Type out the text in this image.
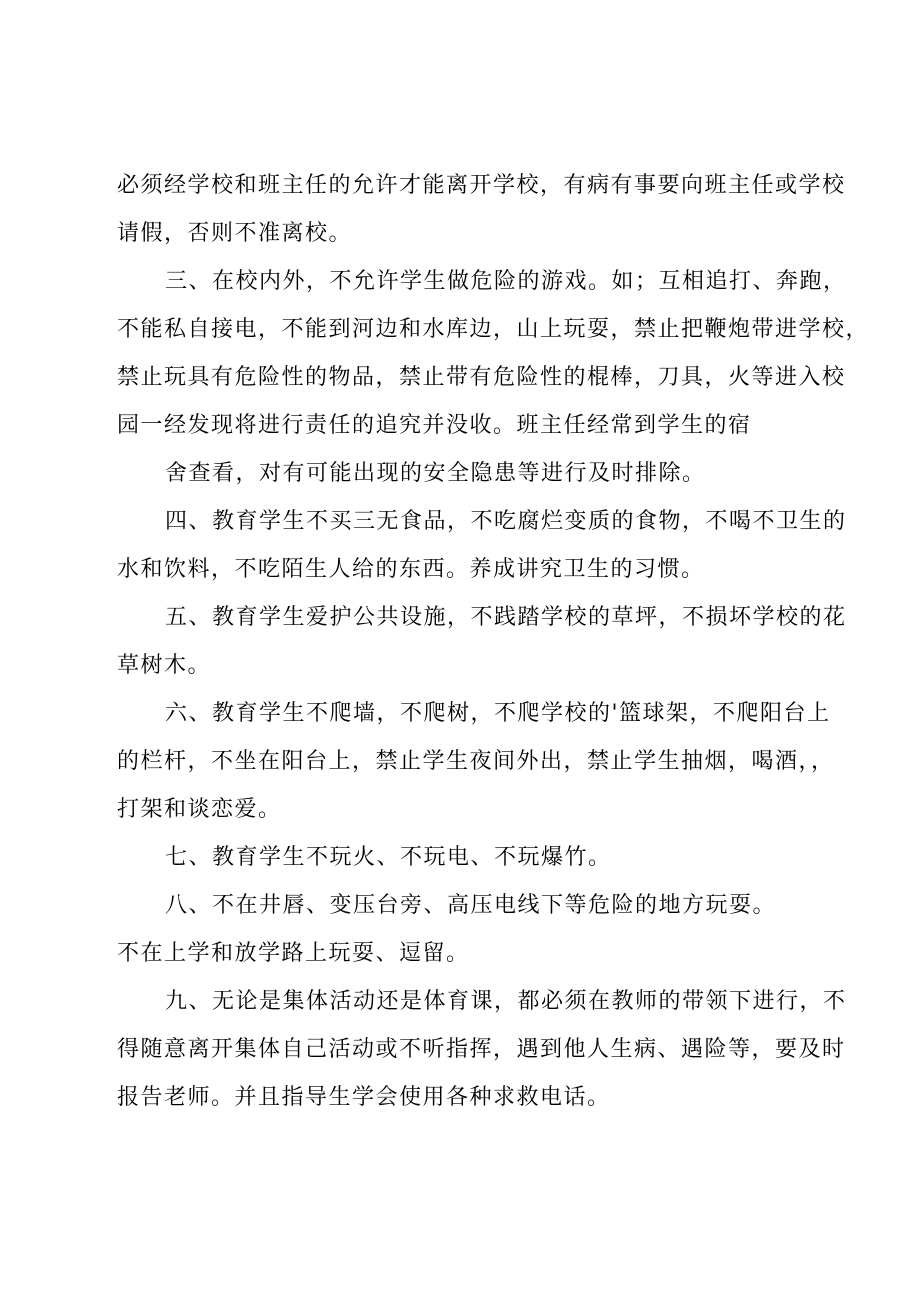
必须经学校和班主任的允许才能离开学校，有病有事要向班主任或学校
请假，否则不准离校。
三、在校内外，不允许学生做危险的游戏。如；互相追打、奔跑，
不能私自接电，不能到河边和水库边，山上玩耍，禁止把鞭炮带进学校，
禁止玩具有危险性的物品，禁止带有危险性的棍棒，刀具，火等进入校
园一经发现将进行责任的追究并没收。班主任经常到学生的宿
舍查看，对有可能出现的安全隐患等进行及时排除。
四、教育学生不买三无食品，不吃腐烂变质的食物，不喝不卫生的
水和饮料，不吃陌生人给的东西。养成讲究卫生的习惯。
五、教育学生爱护公共设施，不践踏学校的草坪，不损坏学校的花
草树木。
六、教育学生不爬墙，不爬树，不爬学校的'篮球架，不爬阳台上
的栏杆，不坐在阳台上，禁止学生夜间外出，禁止学生抽烟，喝酒，，
打架和谈恋爱。
七、教育学生不玩火、不玩电、不玩爆竹。
八、不在井唇、变压台旁、高压电线下等危险的地方玩耍。
不在上学和放学路上玩耍、逗留。
九、无论是集体活动还是体育课，都必须在教师的带领下进行，不
得随意离开集体自己活动或不听指挥，遇到他人生病、遇险等，要及时
报告老师。并且指导生学会使用各种求救电话。
